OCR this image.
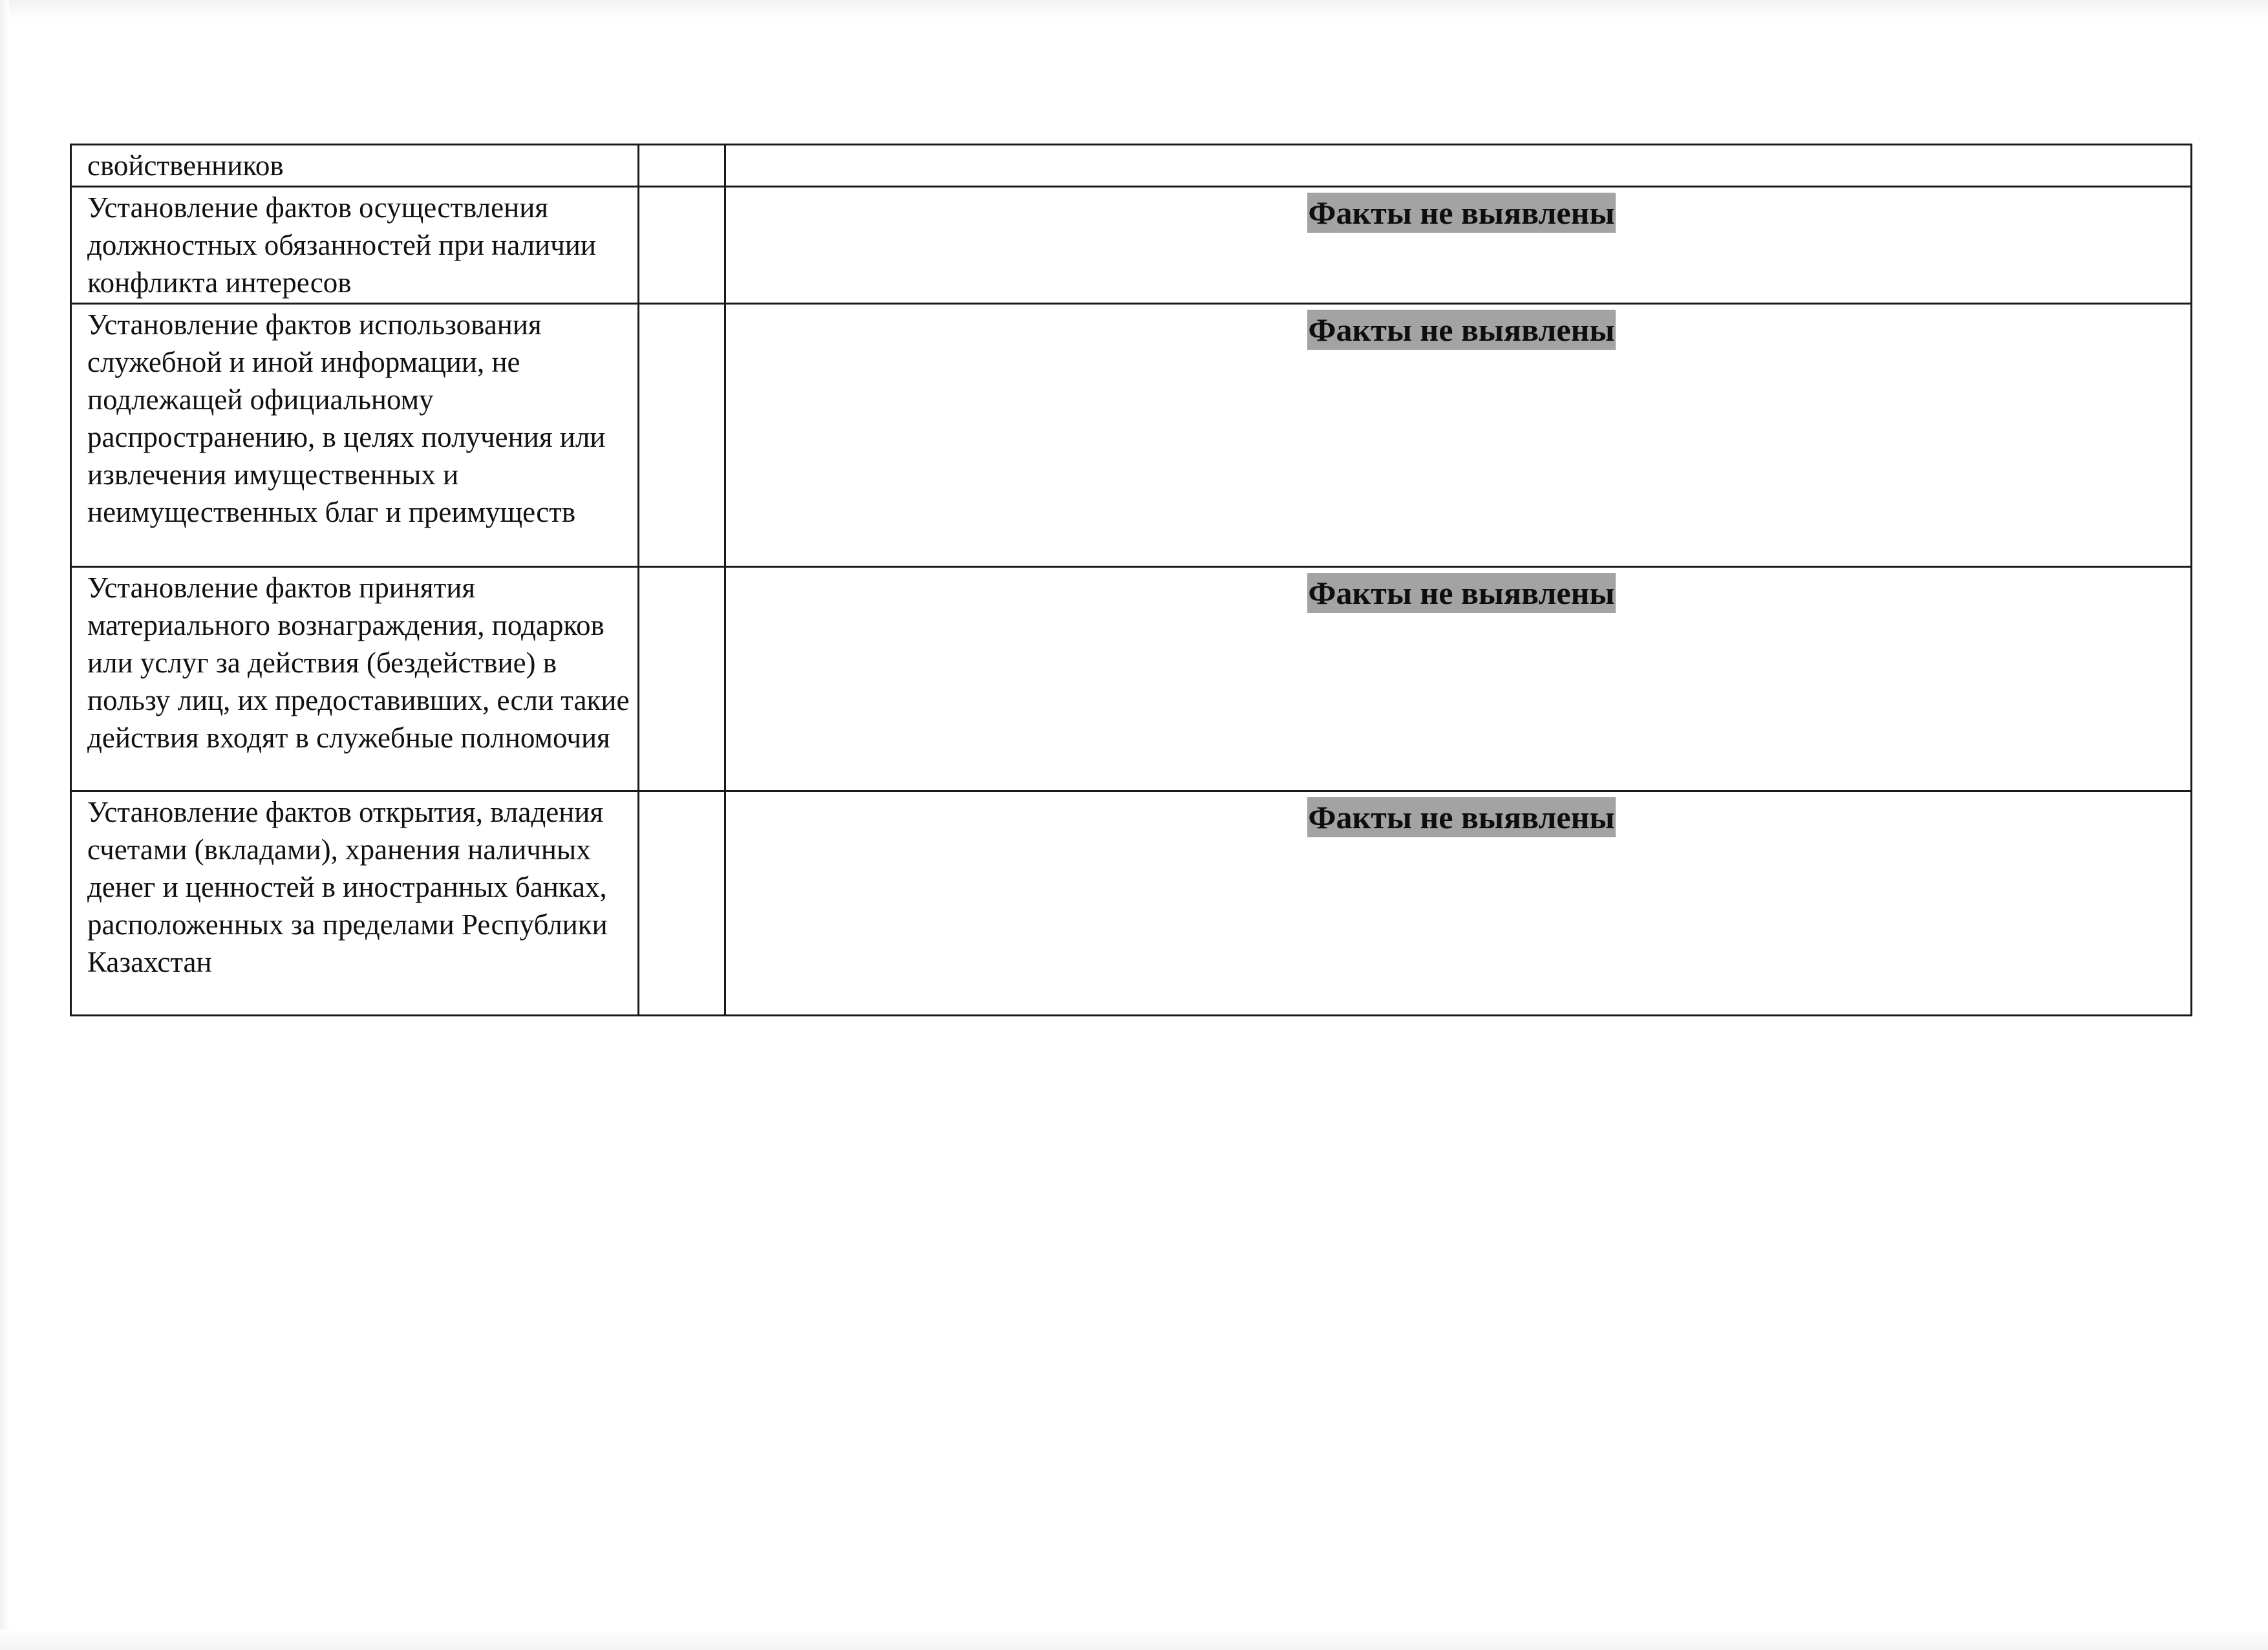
свойственников		

Установление фактов осуществления должностных обязанностей при наличии конфликта интересов		Факты не выявлены

Установление фактов использования служебной и иной информации, не подлежащей официальному распространению, в целях получения или извлечения имущественных и неимущественных благ и преимуществ		Факты не выявлены

Установление фактов принятия материального вознаграждения, подарков или услуг за действия (бездействие) в пользу лиц, их предоставивших, если такие действия входят в служебные полномочия		Факты не выявлены

Установление фактов открытия, владения счетами (вкладами), хранения наличных денег и ценностей в иностранных банках, расположенных за пределами Республики Казахстан		Факты не выявлены
